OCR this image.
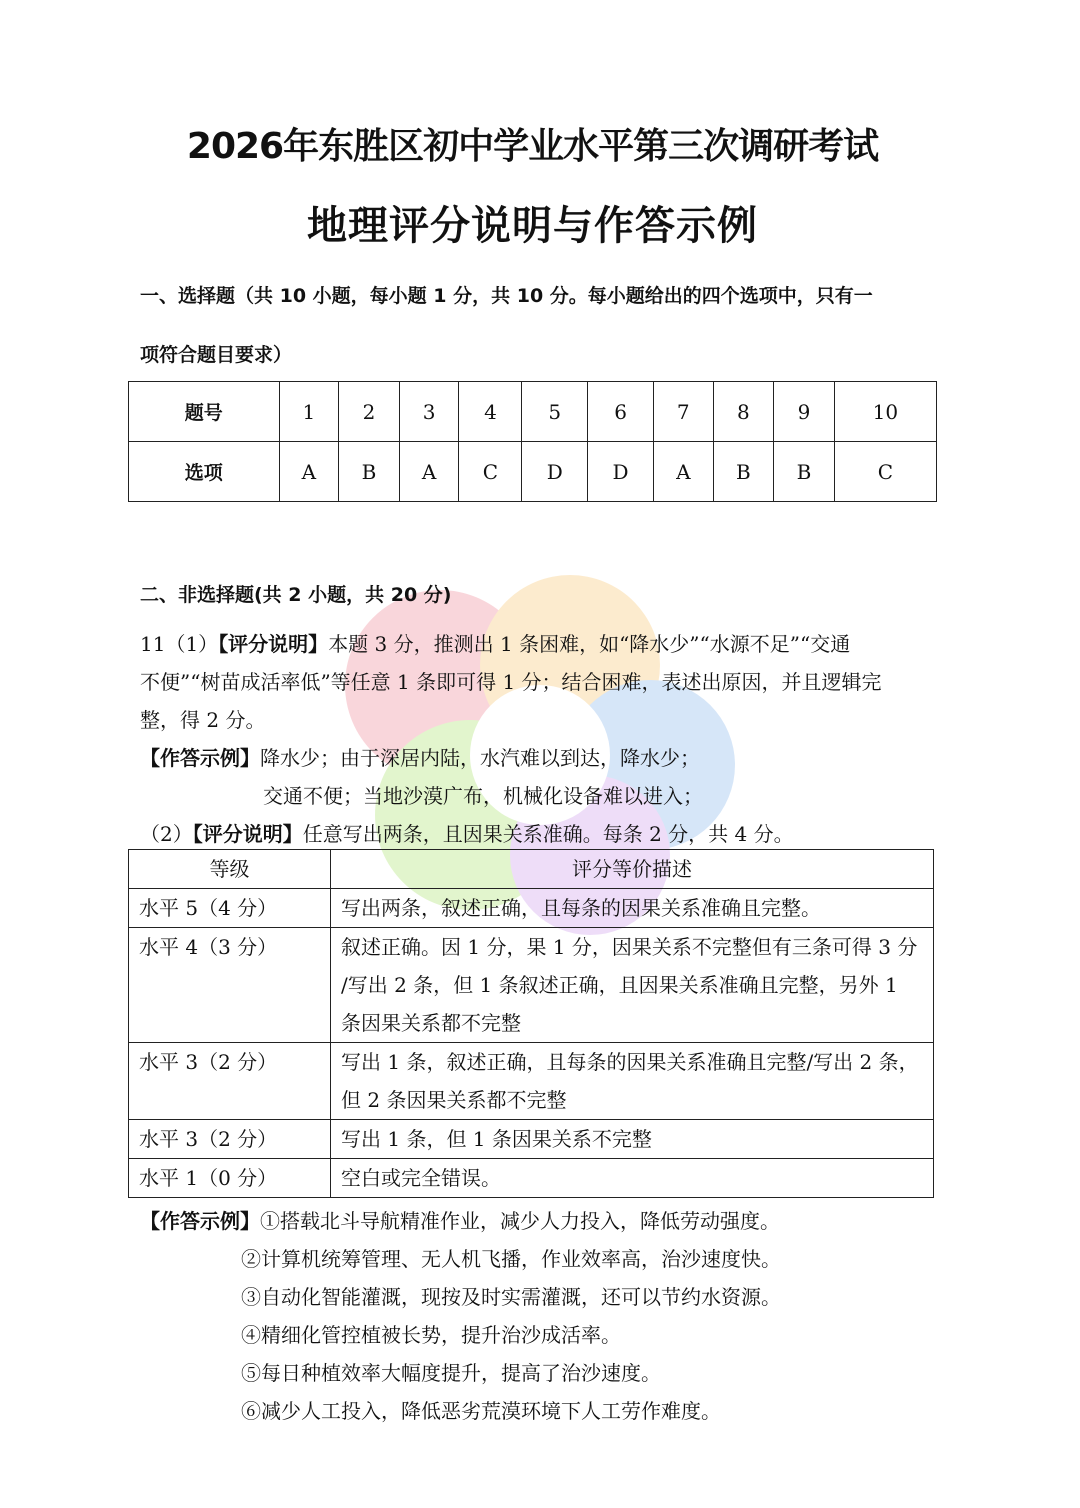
2026年东胜区初中学业水平第三次调研考试
地理评分说明与作答示例
一、选择题（共 10 小题，每小题 1 分，共 10 分。每小题给出的四个选项中，只有一
项符合题目要求）
题号	1	2	3	4	5	6	7	8	9	10
选项	A	B	A	C	D	D	A	B	B	C
二、非选择题(共 2 小题，共 20 分)
11（1）【评分说明】本题 3 分，推测出 1 条困难，如“降水少”“水源不足”“交通
不便”“树苗成活率低”等任意 1 条即可得 1 分；结合困难，表述出原因，并且逻辑完
整，得 2 分。
【作答示例】降水少；由于深居内陆，水汽难以到达，降水少；
交通不便；当地沙漠广布，机械化设备难以进入；
（2）【评分说明】任意写出两条，且因果关系准确。每条 2 分，共 4 分。
等级	评分等价描述
水平 5（4 分）	写出两条，叙述正确，且每条的因果关系准确且完整。

水平 4（3 分）	叙述正确。因 1 分，果 1 分，因果关系不完整但有三条可得 3 分
/写出 2 条，但 1 条叙述正确，且因果关系准确且完整，另外 1
条因果关系都不完整

水平 3（2 分）	写出 1 条，叙述正确，且每条的因果关系准确且完整/写出 2 条，
但 2 条因果关系都不完整

水平 3（2 分）	写出 1 条，但 1 条因果关系不完整

水平 1（0 分）	空白或完全错误。
【作答示例】①搭载北斗导航精准作业，减少人力投入，降低劳动强度。
②计算机统筹管理、无人机飞播，作业效率高，治沙速度快。
③自动化智能灌溉，现按及时实需灌溉，还可以节约水资源。
④精细化管控植被长势，提升治沙成活率。
⑤每日种植效率大幅度提升，提高了治沙速度。
⑥减少人工投入，降低恶劣荒漠环境下人工劳作难度。
